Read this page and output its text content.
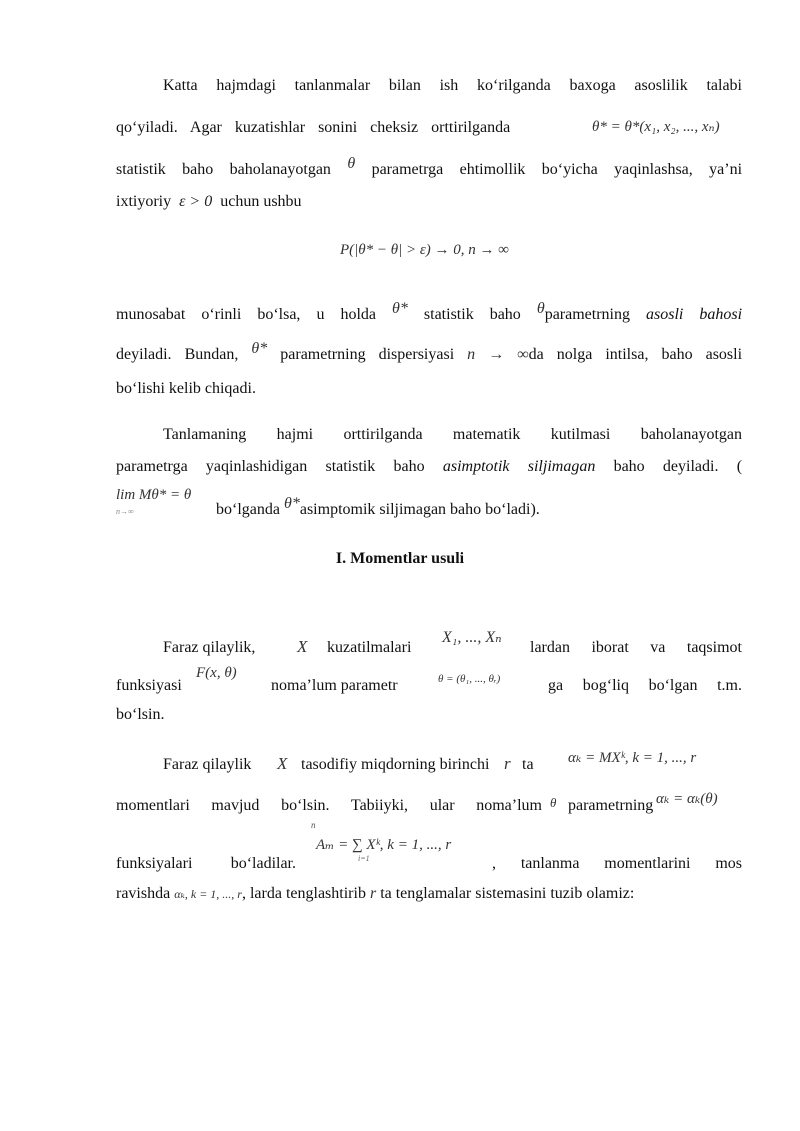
Katta hajmdagi tanlanmalar bilan ish ko‘rilganda baxoga asoslilik talabi
qo‘yiladi. Agar kuzatishlar sonini cheksiz orttirilganda	θ* = θ*(x₁, x₂, ..., xₙ)
statistik baho baholanayotgan θ parametrga ehtimollik bo‘yicha yaqinlashsa, ya’ni
ixtiyoriy ε > 0 uchun ushbu
P(|θ* − θ| > ε) → 0, n → ∞
munosabat o‘rinli bo‘lsa, u holda θ* statistik baho θparametrning asosli bahosi
deyiladi. Bundan, θ* parametrning dispersiyasi n → ∞da nolga intilsa, baho asosli
bo‘lishi kelib chiqadi.
Tanlamaning hajmi orttirilganda matematik kutilmasi baholanayotgan
parametrga yaqinlashidigan statistik baho asimptotik siljimagan baho deyiladi. (
lim Mθ* = θ
n→∞	bo‘lganda θ*asimptomik siljimagan baho bo‘ladi).
I. Momentlar usuli
Faraz qilaylik, X kuzatilmalari
X₁, ..., Xₙ
lardan iborat va taqsimot
funksiyasi
F(x, θ)
noma’lum parametr	θ = (θ₁, ..., θᵣ)	ga bog‘liq bo‘lgan t.m.
bo‘lsin.
Faraz qilaylik X tasodifiy miqdorning birinchi r ta αₖ = MXᵏ, k = 1, ..., r
momentlari mavjud bo‘lsin. Tabiiyki, ular noma’lum θ parametrning αₖ = αₖ(θ)
n
Aₘ = ∑ Xᵏ, k = 1, ..., r
i=1
funksiyalari bo‘ladilar.	, tanlanma momentlarini mos
ravishda αₖ, k = 1, ..., r, larda tenglashtirib r ta tenglamalar sistemasini tuzib olamiz:
